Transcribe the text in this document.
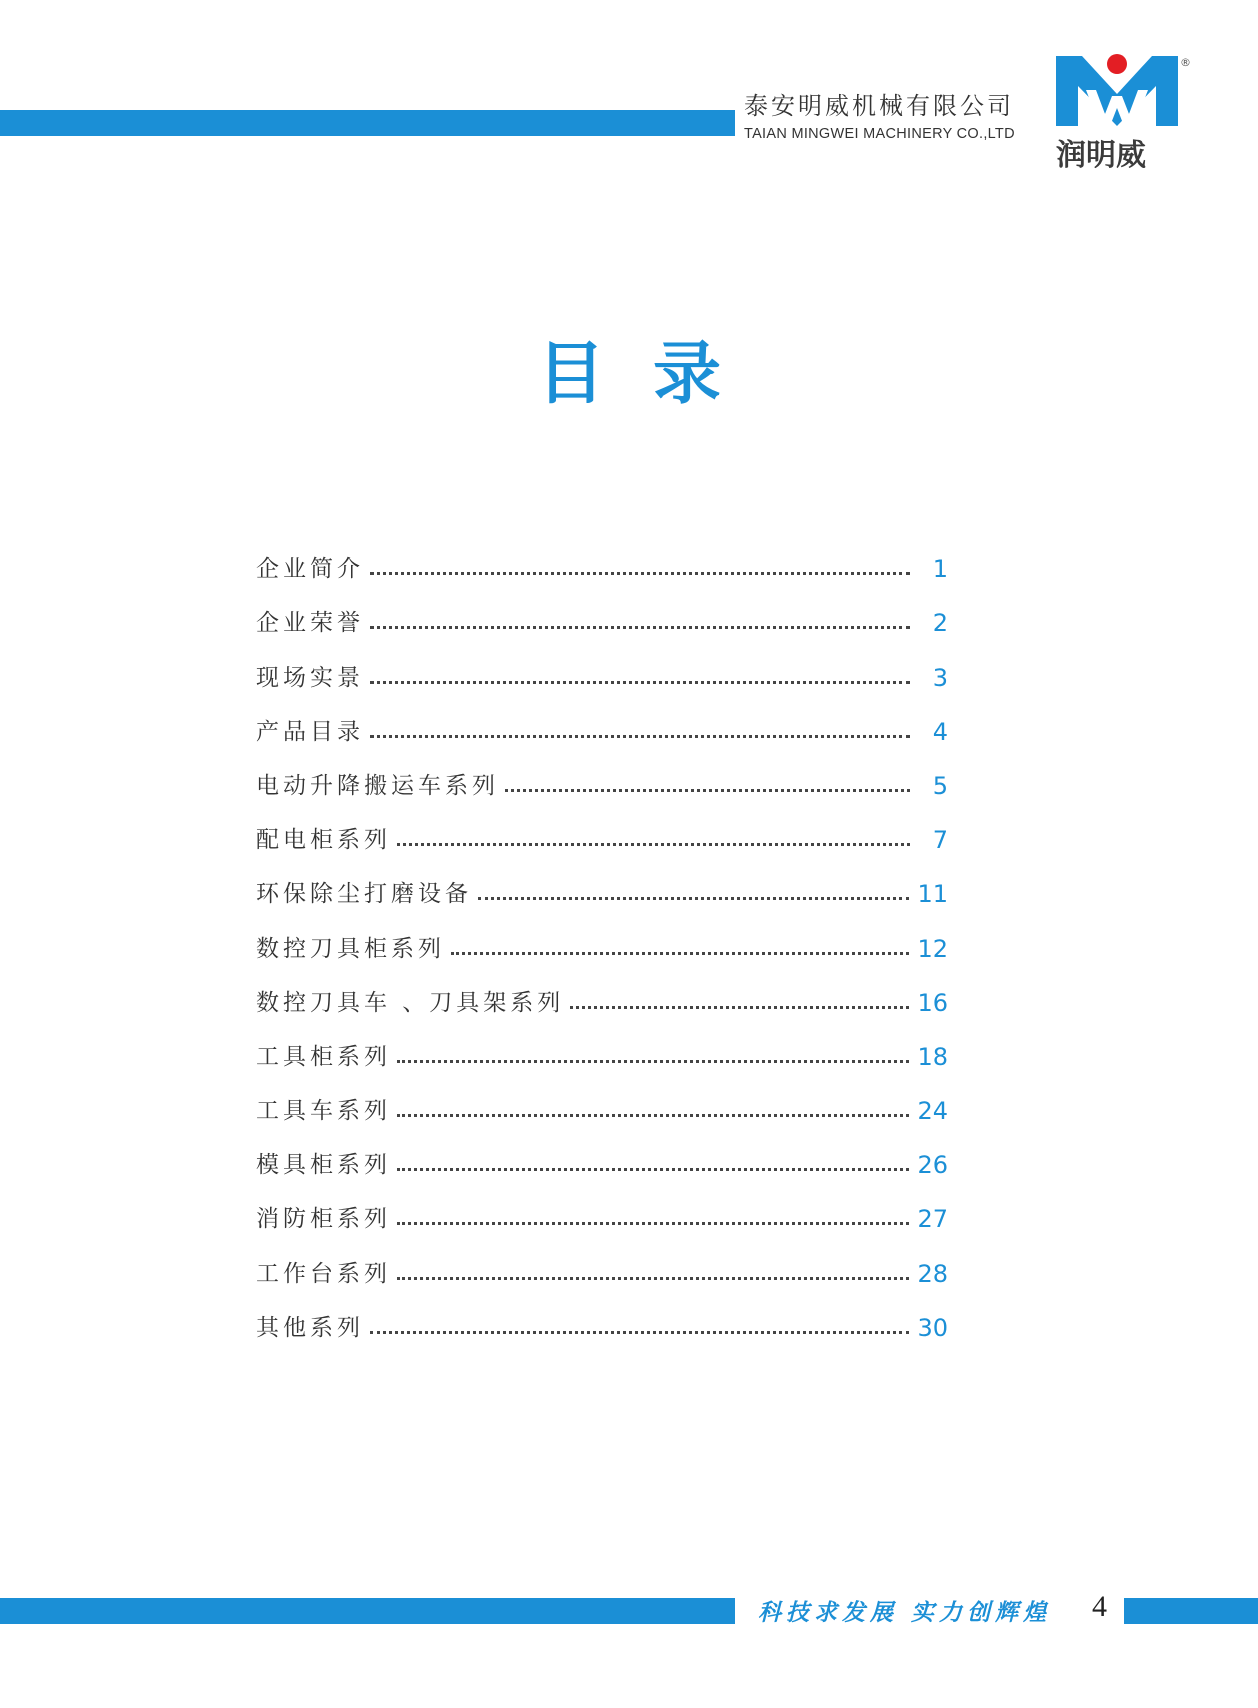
泰安明威机械有限公司
TAIAN MINGWEI MACHINERY CO.,LTD
润明威
®
目录
企业简介	1
企业荣誉	2
现场实景	3
产品目录	4
电动升降搬运车系列	5
配电柜系列	7
环保除尘打磨设备	11
数控刀具柜系列	12
数控刀具车 、刀具架系列	16
工具柜系列	18
工具车系列	24
模具柜系列	26
消防柜系列	27
工作台系列	28
其他系列	30
科技求发展 实力创辉煌 4
